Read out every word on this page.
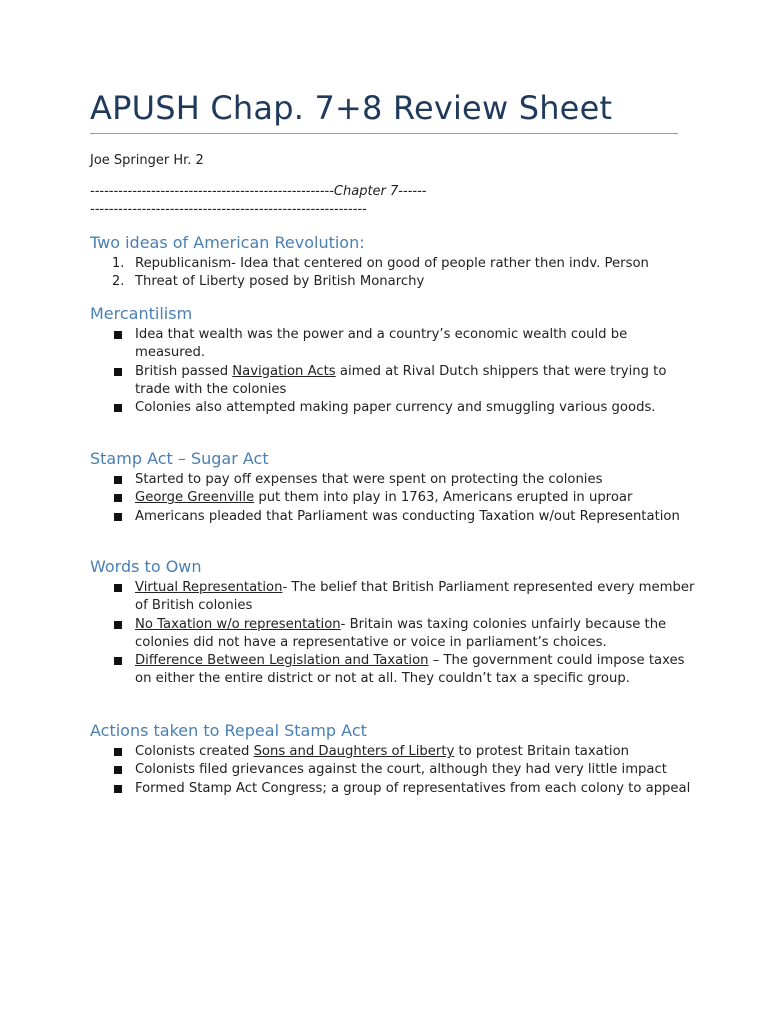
APUSH Chap. 7+8 Review Sheet
Joe Springer Hr. 2
----------------------------------------------------Chapter 7-----------------------------------------------------------------
Two ideas of American Revolution:
1. Republicanism- Idea that centered on good of people rather then indv. Person
2. Threat of Liberty posed by British Monarchy
Mercantilism
Idea that wealth was the power and a country’s economic wealth could be measured.
British passed Navigation Acts aimed at Rival Dutch shippers that were trying to trade with the colonies
Colonies also attempted making paper currency and smuggling various goods.
Stamp Act – Sugar Act
Started to pay off expenses that were spent on protecting the colonies
George Greenville put them into play in 1763, Americans erupted in uproar
Americans pleaded that Parliament was conducting Taxation w/out Representation
Words to Own
Virtual Representation- The belief that British Parliament represented every member of British colonies
No Taxation w/o representation- Britain was taxing colonies unfairly because the colonies did not have a representative or voice in parliament’s choices.
Difference Between Legislation and Taxation – The government could impose taxes on either the entire district or not at all. They couldn’t tax a specific group.
Actions taken to Repeal Stamp Act
Colonists created Sons and Daughters of Liberty to protest Britain taxation
Colonists filed grievances against the court, although they had very little impact
Formed Stamp Act Congress; a group of representatives from each colony to appeal
